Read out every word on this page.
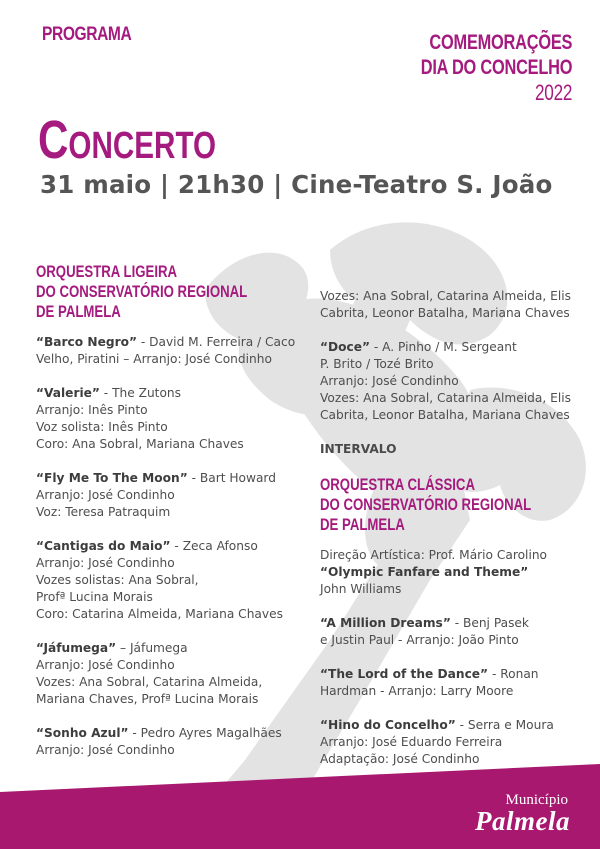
PROGRAMA	COMEMORAÇÕES
DIA DO CONCELHO
2022
Concerto
31 maio | 21h30 | Cine-Teatro S. João
ORQUESTRA LIGEIRA
DO CONSERVATÓRIO REGIONAL
DE PALMELA
“Barco Negro” - David M. Ferreira / Caco
Velho, Piratini – Arranjo: José Condinho
“Valerie” - The Zutons
Arranjo: Inês Pinto
Voz solista: Inês Pinto
Coro: Ana Sobral, Mariana Chaves
“Fly Me To The Moon” - Bart Howard
Arranjo: José Condinho
Voz: Teresa Patraquim
“Cantigas do Maio” - Zeca Afonso
Arranjo: José Condinho
Vozes solistas: Ana Sobral,
Profª Lucina Morais
Coro: Catarina Almeida, Mariana Chaves
“Jáfumega” – Jáfumega
Arranjo: José Condinho
Vozes: Ana Sobral, Catarina Almeida,
Mariana Chaves, Profª Lucina Morais
“Sonho Azul” - Pedro Ayres Magalhães
Arranjo: José Condinho
Vozes: Ana Sobral, Catarina Almeida, Elis
Cabrita, Leonor Batalha, Mariana Chaves
“Doce” - A. Pinho / M. Sergeant
P. Brito / Tozé Brito
Arranjo: José Condinho
Vozes: Ana Sobral, Catarina Almeida, Elis
Cabrita, Leonor Batalha, Mariana Chaves
INTERVALO
ORQUESTRA CLÁSSICA
DO CONSERVATÓRIO REGIONAL
DE PALMELA
Direção Artística: Prof. Mário Carolino
“Olympic Fanfare and Theme”
John Williams
“A Million Dreams” - Benj Pasek
e Justin Paul - Arranjo: João Pinto
“The Lord of the Dance” - Ronan
Hardman - Arranjo: Larry Moore
“Hino do Concelho” - Serra e Moura
Arranjo: José Eduardo Ferreira
Adaptação: José Condinho
Município
Palmela
